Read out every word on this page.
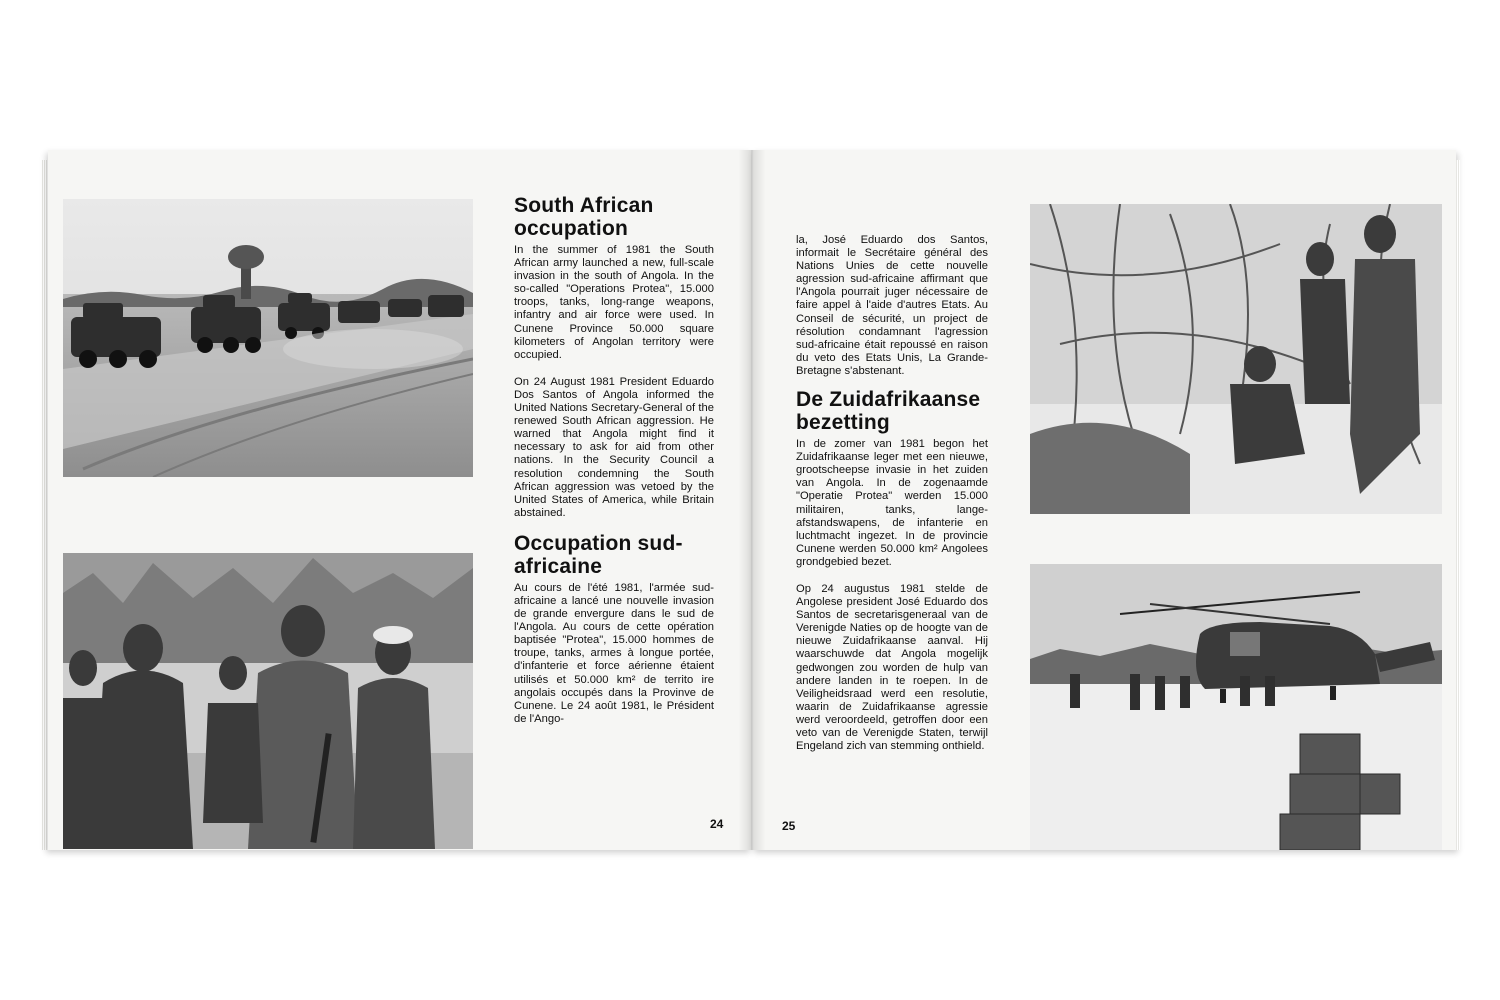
South African occupation

In the summer of 1981 the South African army launched a new, full-scale invasion in the south of Angola. In the so-called "Operations Protea", 15.000 troops, tanks, long-range weapons, infantry and air force were used. In Cunene Province 50.000 square kilometers of Angolan territory were occupied.

On 24 August 1981 President Eduardo Dos Santos of Angola informed the United Nations Secretary-General of the renewed South African aggression. He warned that Angola might find it necessary to ask for aid from other nations. In the Security Council a resolution condemning the South African aggression was vetoed by the United States of America, while Britain abstained.

Occupation sud-africaine

Au cours de l'été 1981, l'armée sud-africaine a lancé une nouvelle invasion de grande envergure dans le sud de l'Angola. Au cours de cette opération baptisée "Protea", 15.000 hommes de troupe, tanks, armes à longue portée, d'infanterie et force aérienne étaient utilisés et 50.000 km² de territo ire angolais occupés dans la Provinve de Cunene. Le 24 août 1981, le Président de l'Ango-

24

la, José Eduardo dos Santos, informait le Secrétaire général des Nations Unies de cette nouvelle agression sud-africaine affirmant que l'Angola pourrait juger nécessaire de faire appel à l'aide d'autres Etats. Au Conseil de sécurité, un project de résolution condamnant l'agression sud-africaine était repoussé en raison du veto des Etats Unis, La Grande-Bretagne s'abstenant.

De Zuidafrikaanse bezetting

In de zomer van 1981 begon het Zuidafrikaanse leger met een nieuwe, grootscheepse invasie in het zuiden van Angola. In de zogenaamde "Operatie Protea" werden 15.000 militairen, tanks, lange-afstandswapens, de infanterie en luchtmacht ingezet. In de provincie Cunene werden 50.000 km² Angolees grondgebied bezet.

Op 24 augustus 1981 stelde de Angolese president José Eduardo dos Santos de secretarisgeneraal van de Verenigde Naties op de hoogte van de nieuwe Zuidafrikaanse aanval. Hij waarschuwde dat Angola mogelijk gedwongen zou worden de hulp van andere landen in te roepen. In de Veiligheidsraad werd een resolutie, waarin de Zuidafrikaanse agressie werd veroordeeld, getroffen door een veto van de Verenigde Staten, terwijl Engeland zich van stemming onthield.

25
